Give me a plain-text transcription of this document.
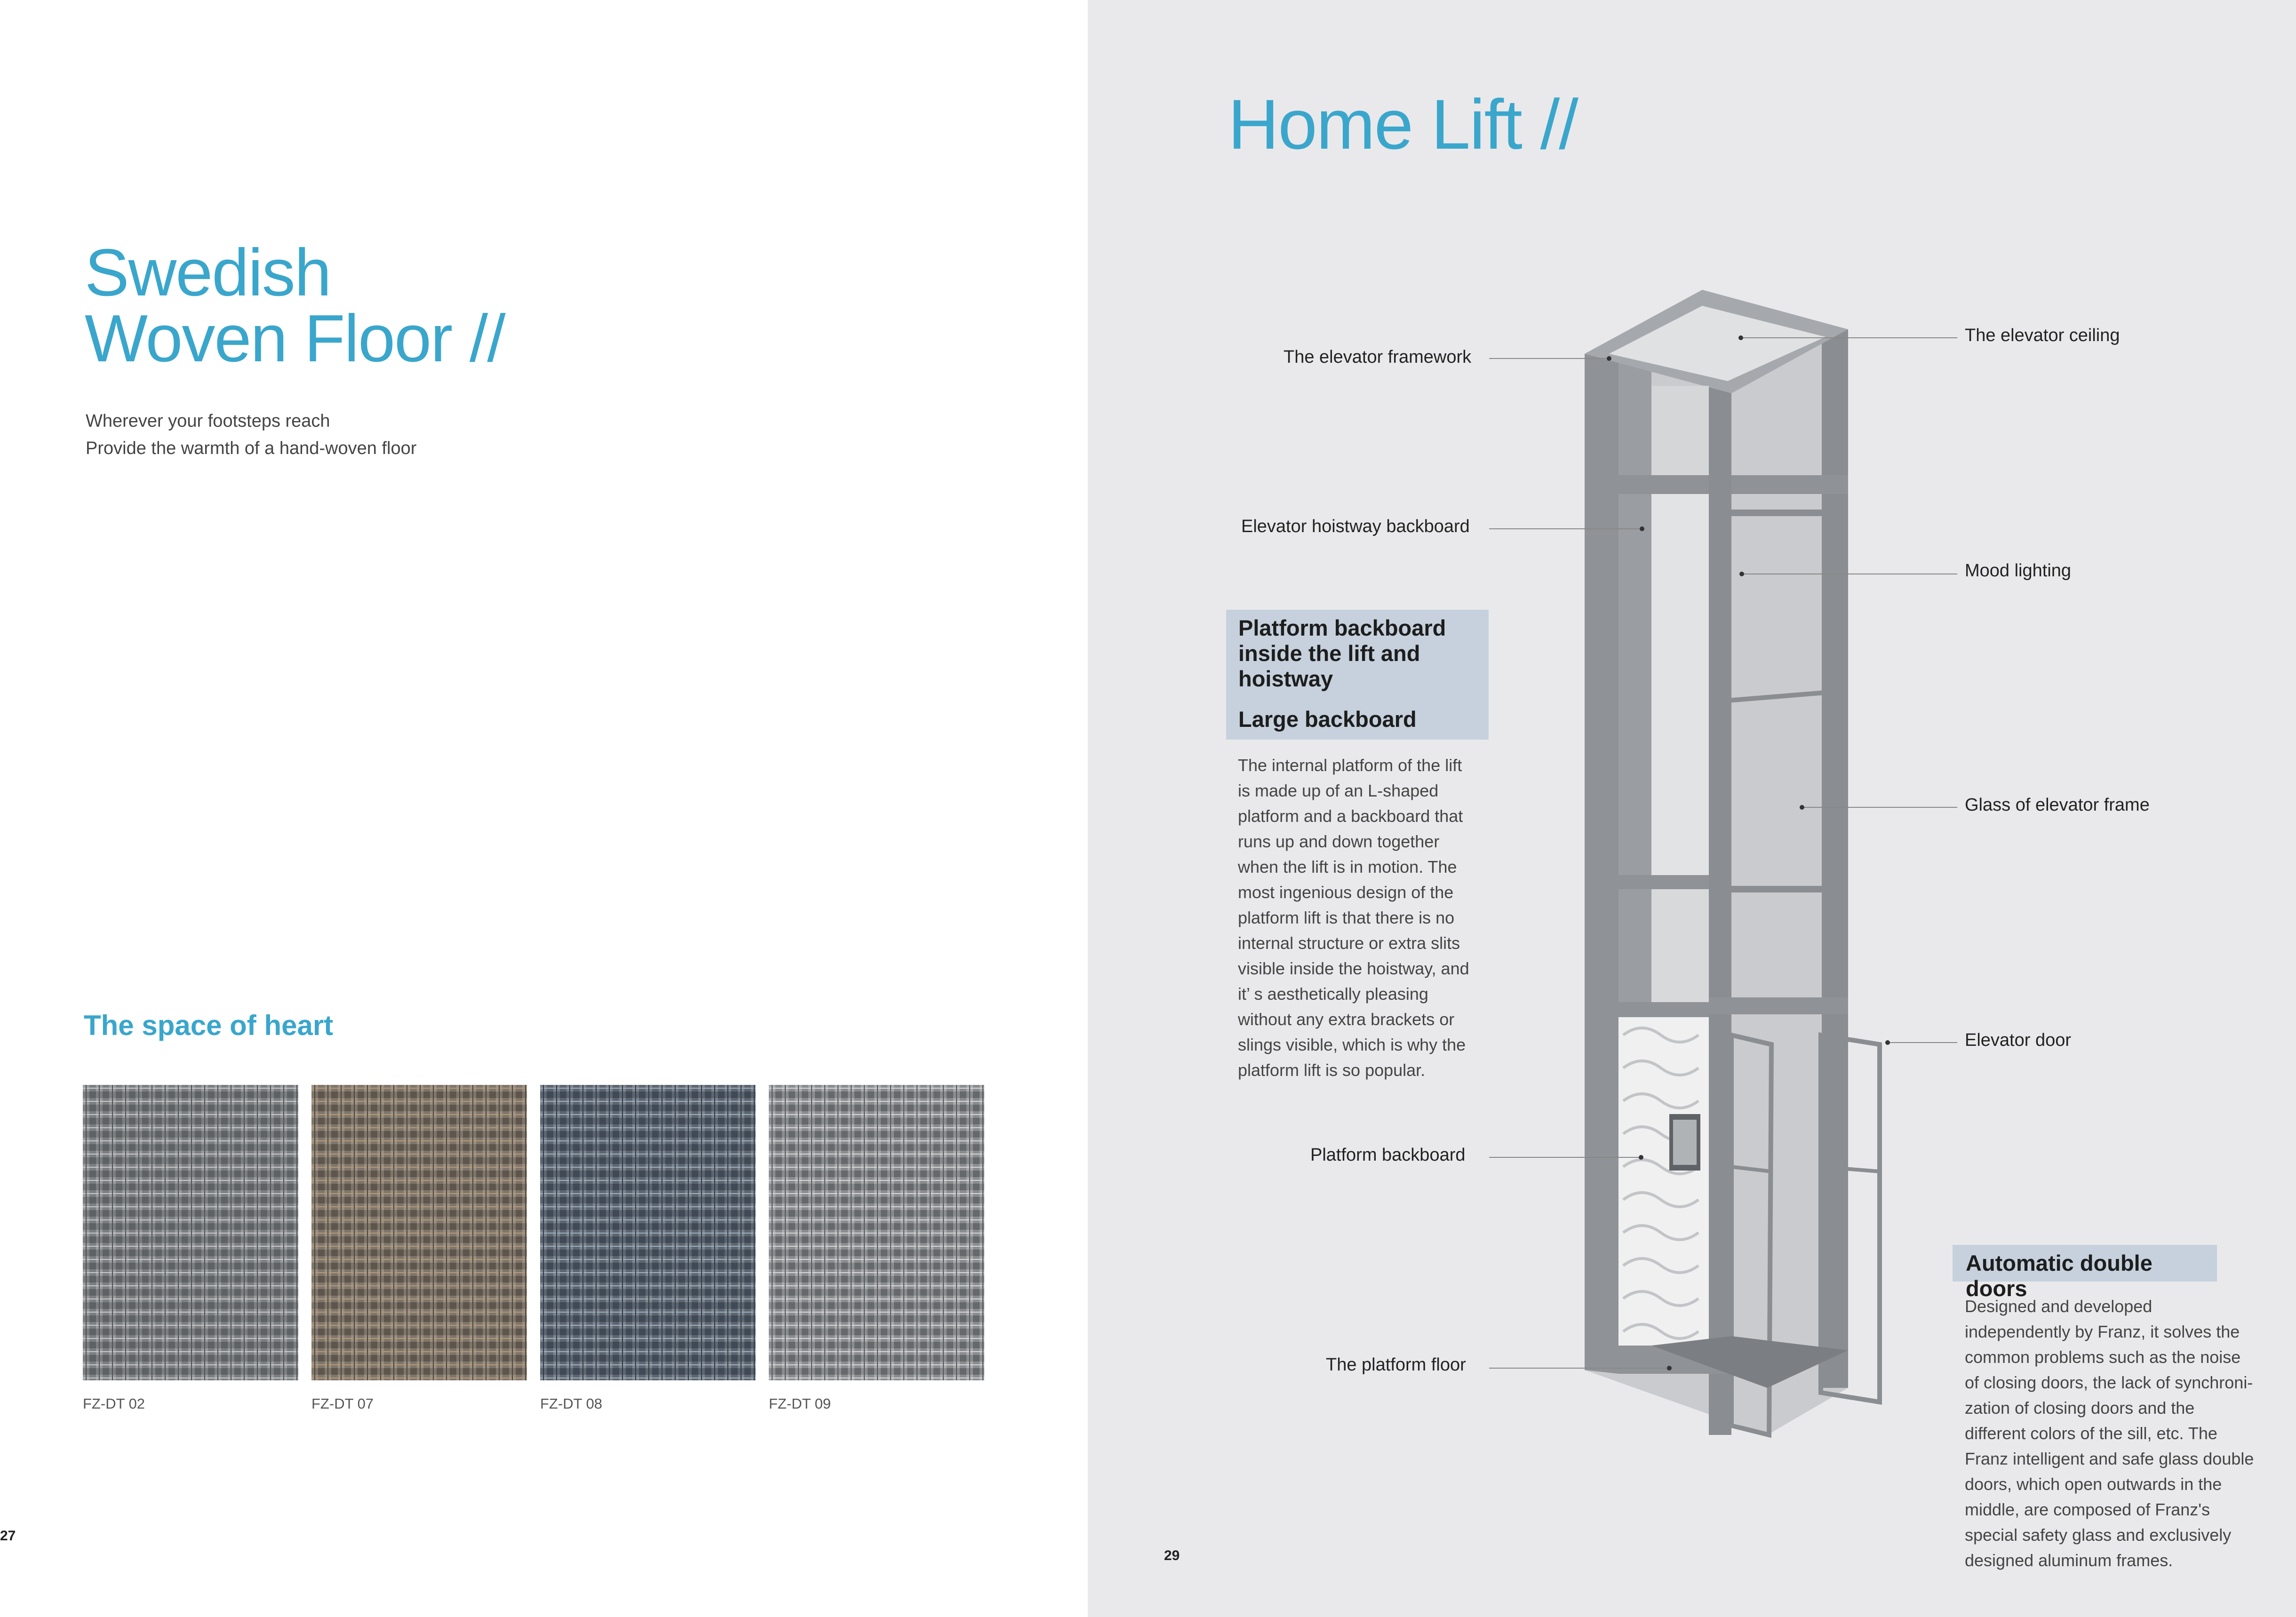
Swedish
Woven Floor //
Wherever your footsteps reach
Provide the warmth of a hand-woven floor
The space of heart
FZ-DT 02	FZ-DT 07	FZ-DT 08	FZ-DT 09
27
Home Lift //
The elevator framework
Elevator hoistway backboard
Platform backboard
The platform floor
The elevator ceiling
Mood lighting
Glass of elevator frame
Elevator door
Platform backboard
inside the lift and
hoistway
Large backboard
The internal platform of the lift
is made up of an L-shaped
platform and a backboard that
runs up and down together
when the lift is in motion. The
most ingenious design of the
platform lift is that there is no
internal structure or extra slits
visible inside the hoistway, and
it’ s aesthetically pleasing
without any extra brackets or
slings visible, which is why the
platform lift is so popular.
Automatic double doors
Designed and developed
independently by Franz, it solves the
common problems such as the noise
of closing doors, the lack of synchroni-
zation of closing doors and the
different colors of the sill, etc. The
Franz intelligent and safe glass double
doors, which open outwards in the
middle, are composed of Franz's
special safety glass and exclusively
designed aluminum frames.
29
